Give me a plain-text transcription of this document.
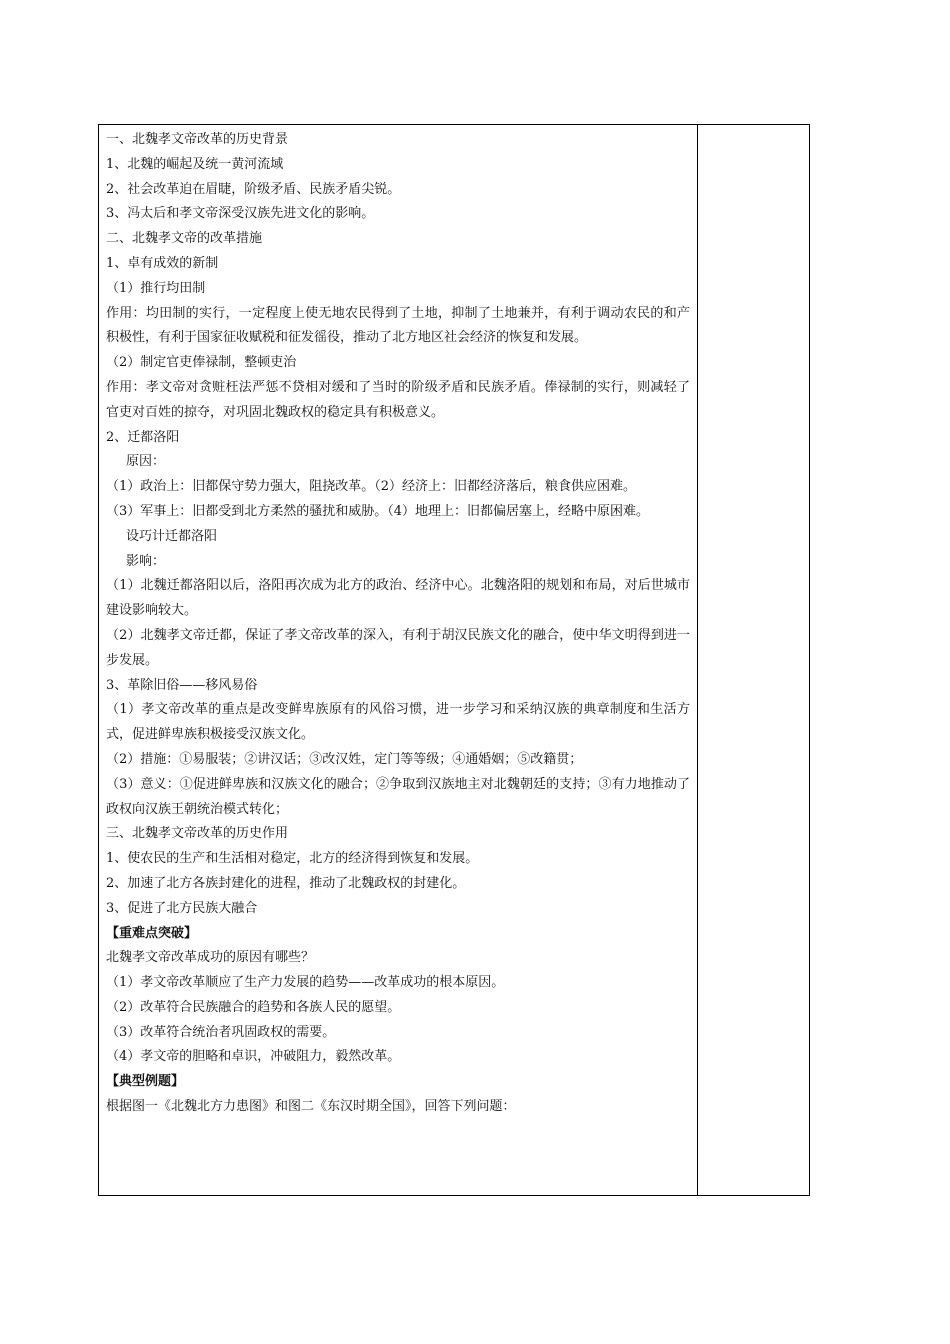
一、北魏孝文帝改革的历史背景
1、北魏的崛起及统一黄河流域
2、社会改革迫在眉睫，阶级矛盾、民族矛盾尖锐。
3、冯太后和孝文帝深受汉族先进文化的影响。
二、北魏孝文帝的改革措施
1、卓有成效的新制
（1）推行均田制
作用：均田制的实行，一定程度上使无地农民得到了土地，抑制了土地兼并，有利于调动农民的和产积极性，有利于国家征收赋税和征发徭役，推动了北方地区社会经济的恢复和发展。
（2）制定官吏俸禄制，整顿吏治
作用：孝文帝对贪赃枉法严惩不贷相对缓和了当时的阶级矛盾和民族矛盾。俸禄制的实行，则减轻了官吏对百姓的掠夺，对巩固北魏政权的稳定具有积极意义。
2、迁都洛阳
原因：
（1）政治上：旧都保守势力强大，阻挠改革。（2）经济上：旧都经济落后，粮食供应困难。
（3）军事上：旧都受到北方柔然的骚扰和威胁。（4）地理上：旧都偏居塞上，经略中原困难。
设巧计迁都洛阳
影响：
（1）北魏迁都洛阳以后，洛阳再次成为北方的政治、经济中心。北魏洛阳的规划和布局，对后世城市建设影响较大。
（2）北魏孝文帝迁都，保证了孝文帝改革的深入，有利于胡汉民族文化的融合，使中华文明得到进一步发展。
3、革除旧俗——移风易俗
（1）孝文帝改革的重点是改变鲜卑族原有的风俗习惯，进一步学习和采纳汉族的典章制度和生活方式，促进鲜卑族积极接受汉族文化。
（2）措施：①易服装；②讲汉话；③改汉姓，定门等等级；④通婚姻；⑤改籍贯；
（3）意义：①促进鲜卑族和汉族文化的融合；②争取到汉族地主对北魏朝廷的支持；③有力地推动了政权向汉族王朝统治模式转化；
三、北魏孝文帝改革的历史作用
1、使农民的生产和生活相对稳定，北方的经济得到恢复和发展。
2、加速了北方各族封建化的进程，推动了北魏政权的封建化。
3、促进了北方民族大融合
【重难点突破】
北魏孝文帝改革成功的原因有哪些？
（1）孝文帝改革顺应了生产力发展的趋势——改革成功的根本原因。
（2）改革符合民族融合的趋势和各族人民的愿望。
（3）改革符合统治者巩固政权的需要。
（4）孝文帝的胆略和卓识，冲破阻力，毅然改革。
【典型例题】
根据图一《北魏北方力患图》和图二《东汉时期全国》，回答下列问题：
